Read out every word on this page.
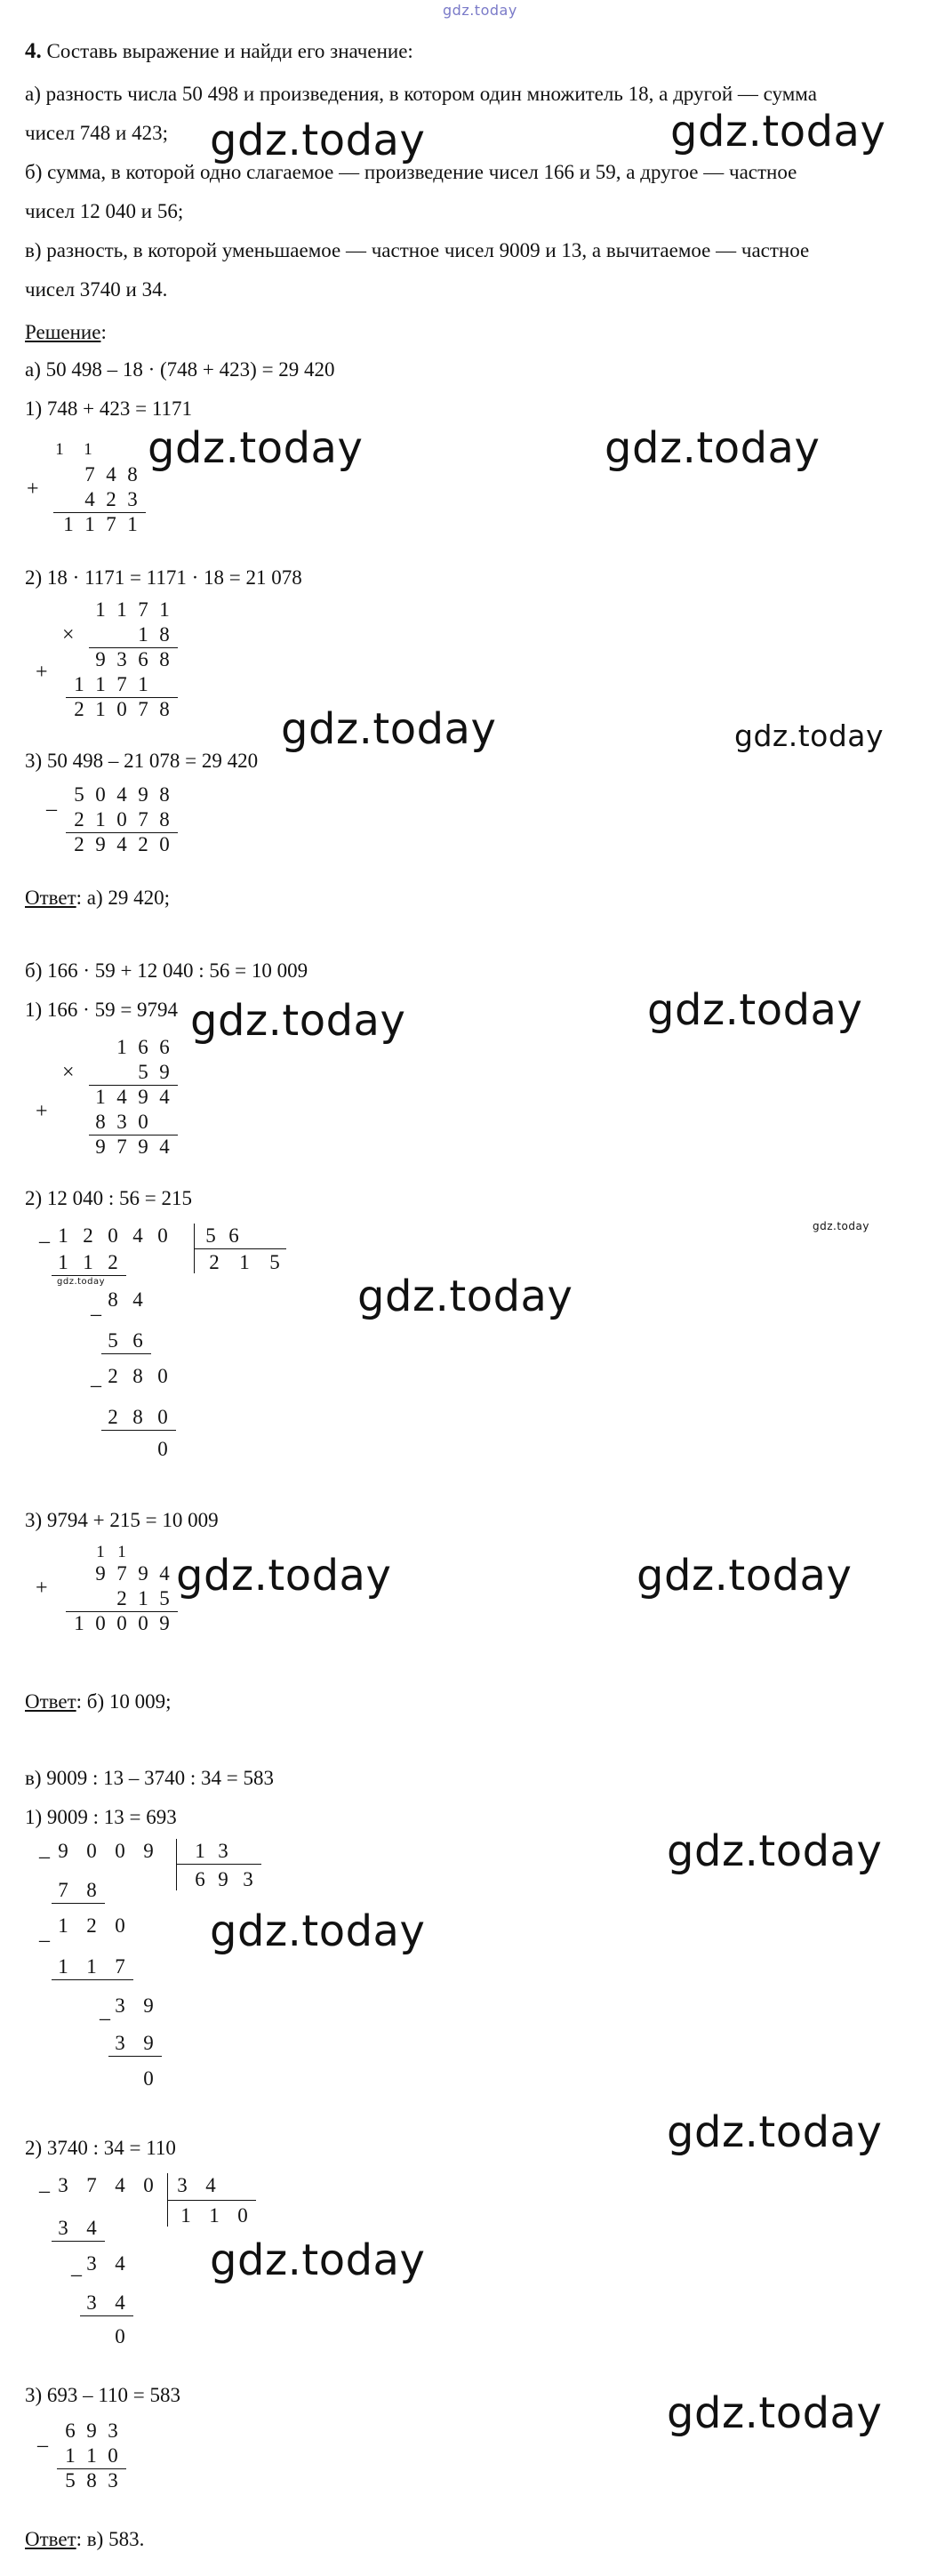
gdz.today
4. Составь выражение и найди его значение:
а) разность числа 50 498 и произведения, в котором один множитель 18, а другой — сумма
чисел 748 и 423;
б) сумма, в которой одно слагаемое — произведение чисел 166 и 59, а другое — частное
чисел 12 040 и 56;
в) разность, в которой уменьшаемое — частное чисел 9009 и 13, а вычитаемое — частное
чисел 3740 и 34.
Решение:
а) 50 498 – 18 · (748 + 423) = 29 420
1) 748 + 423 = 1171
1	1
7 4 8
+ 4 2 3
1 1 7 1
2) 18 · 1171 = 1171 · 18 = 21 078
1 1 7 1
×	1 8
9 3 6 8
+
1 1 7 1
2 1 0 7 8
3) 50 498 – 21 078 = 29 420
5 0 4 9 8
– 2 1 0 7 8
2 9 4 2 0
Ответ: а) 29 420;
б) 166 · 59 + 12 040 : 56 = 10 009
1) 166 · 59 = 9794
1 6 6
×	5 9
1 4 9 4
+ 8 3 0
9 7 9 4
2) 12 040 : 56 = 215
– 1 2 0 4 0 5 6
2 1 5
1 1 2
gdz.today
–
8 4
5 6
– 2 8 0
2 8 0
0
3) 9794 + 215 = 10 009
1 1
9 7 9 4
+	2 1 5
1 0 0 0 9
Ответ: б) 10 009;
в) 9009 : 13 – 3740 : 34 = 583
1) 9009 : 13 = 693
– 9 0 0 9 1 3
6 9 3
7 8
–
1 2 0
1 1 7
–
3 9
3 9
0
2) 3740 : 34 = 110
– 3 7 4 0 3 4
1 1 0
3 4
– 3 4
3 4
0
3) 693 – 110 = 583
6 9 3
– 1 1 0
5 8 3
Ответ: в) 583.
gdz.today	gdz.today
gdz.today	gdz.today
gdz.today	gdz.today
gdz.today	gdz.today
gdz.today
gdz.today
gdz.today	gdz.today
gdz.today
gdz.today
gdz.today
gdz.today
gdz.today
